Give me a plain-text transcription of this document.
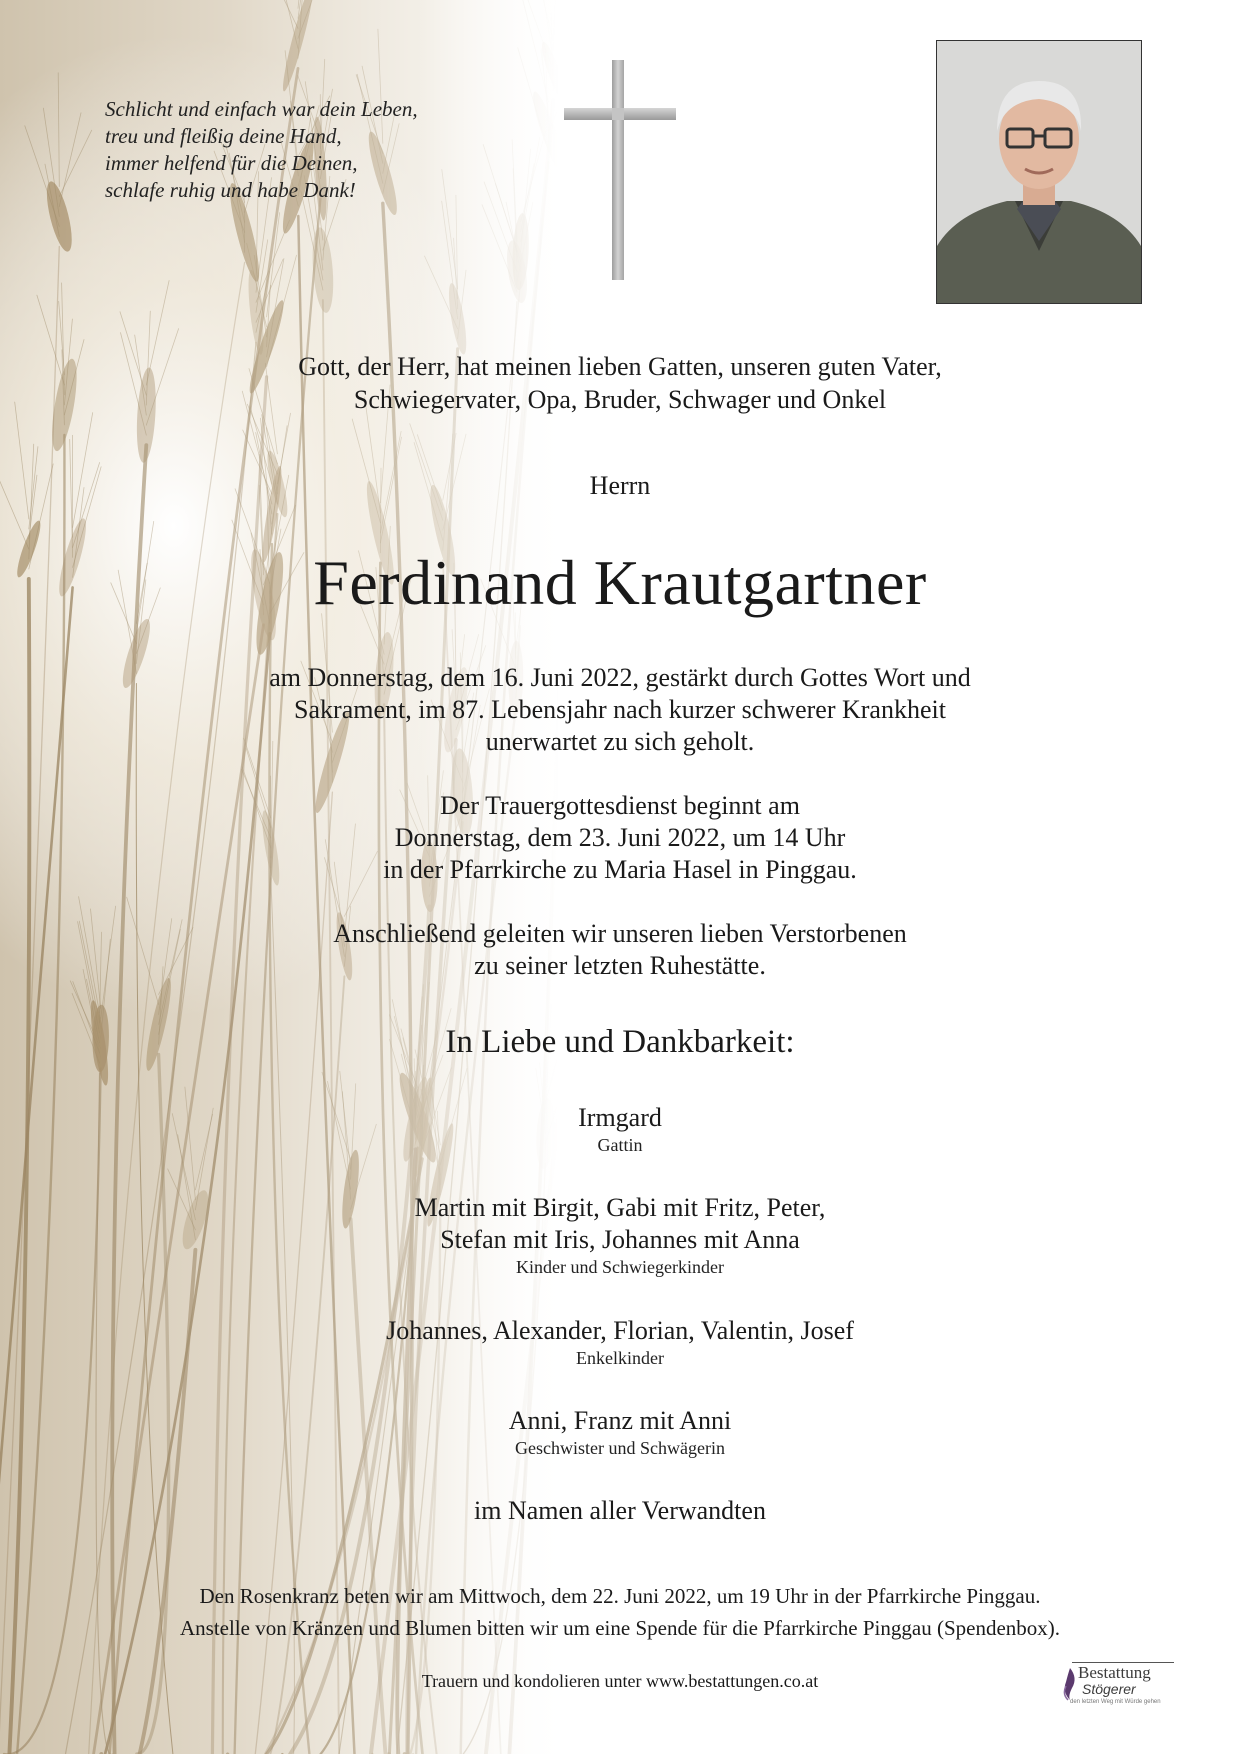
Schlicht und einfach war dein Leben,
treu und fleißig deine Hand,
immer helfend für die Deinen,
schlafe ruhig und habe Dank!
Gott, der Herr, hat meinen lieben Gatten, unseren guten Vater,
Schwiegervater, Opa, Bruder, Schwager und Onkel
Herrn
Ferdinand Krautgartner
am Donnerstag, dem 16. Juni 2022, gestärkt durch Gottes Wort und
Sakrament, im 87. Lebensjahr nach kurzer schwerer Krankheit
unerwartet zu sich geholt.
Der Trauergottesdienst beginnt am
Donnerstag, dem 23. Juni 2022, um 14 Uhr
in der Pfarrkirche zu Maria Hasel in Pinggau.
Anschließend geleiten wir unseren lieben Verstorbenen
zu seiner letzten Ruhestätte.
In Liebe und Dankbarkeit:
Irmgard
Gattin
Martin mit Birgit, Gabi mit Fritz, Peter,
Stefan mit Iris, Johannes mit Anna
Kinder und Schwiegerkinder
Johannes, Alexander, Florian, Valentin, Josef
Enkelkinder
Anni, Franz mit Anni
Geschwister und Schwägerin
im Namen aller Verwandten
Den Rosenkranz beten wir am Mittwoch, dem 22. Juni 2022, um 19 Uhr in der Pfarrkirche Pinggau.
Anstelle von Kränzen und Blumen bitten wir um eine Spende für die Pfarrkirche Pinggau (Spendenbox).
Trauern und kondolieren unter www.bestattungen.co.at	Bestattung
Stögerer
den letzten Weg mit Würde gehen
